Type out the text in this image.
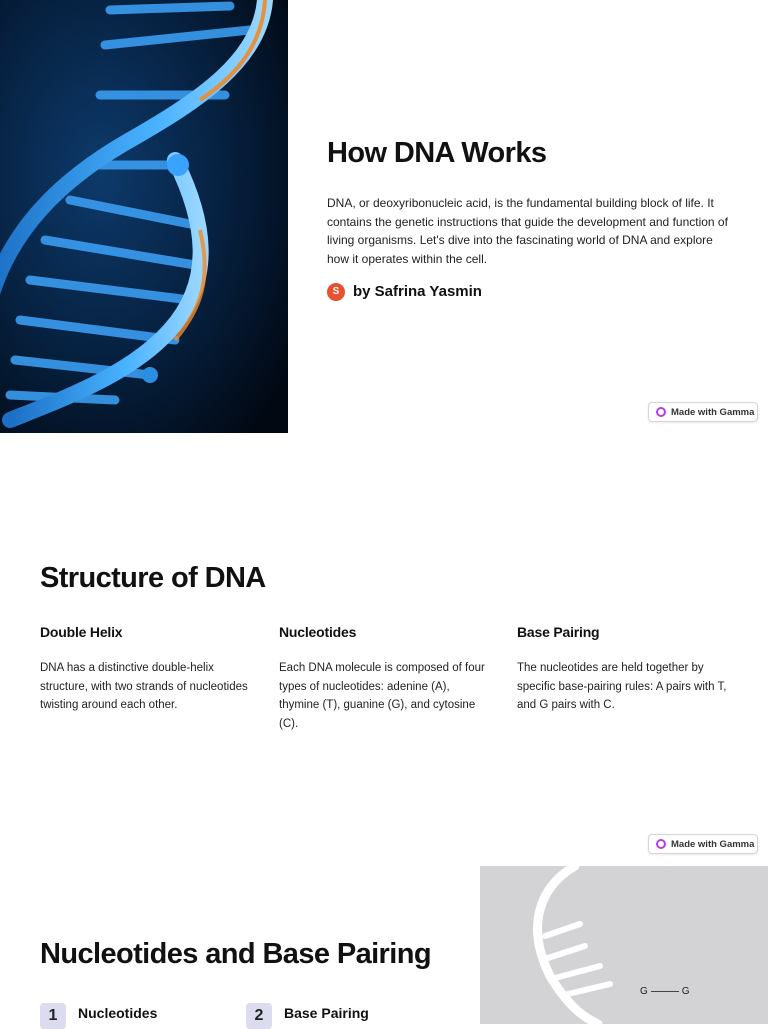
How DNA Works

DNA, or deoxyribonucleic acid, is the fundamental building block of life. It contains the genetic instructions that guide the development and function of living organisms. Let's dive into the fascinating world of DNA and explore how it operates within the cell.

S by Safrina Yasmin
Made with Gamma
Structure of DNA
Double Helix

DNA has a distinctive double-helix structure, with two strands of nucleotides twisting around each other.

Nucleotides

Each DNA molecule is composed of four types of nucleotides: adenine (A), thymine (T), guanine (G), and cytosine (C).

Base Pairing

The nucleotides are held together by specific base-pairing rules: A pairs with T, and G pairs with C.

Made with Gamma
Nucleotides and Base Pairing
1	Nucleotides	2	Base Pairing
G	G
